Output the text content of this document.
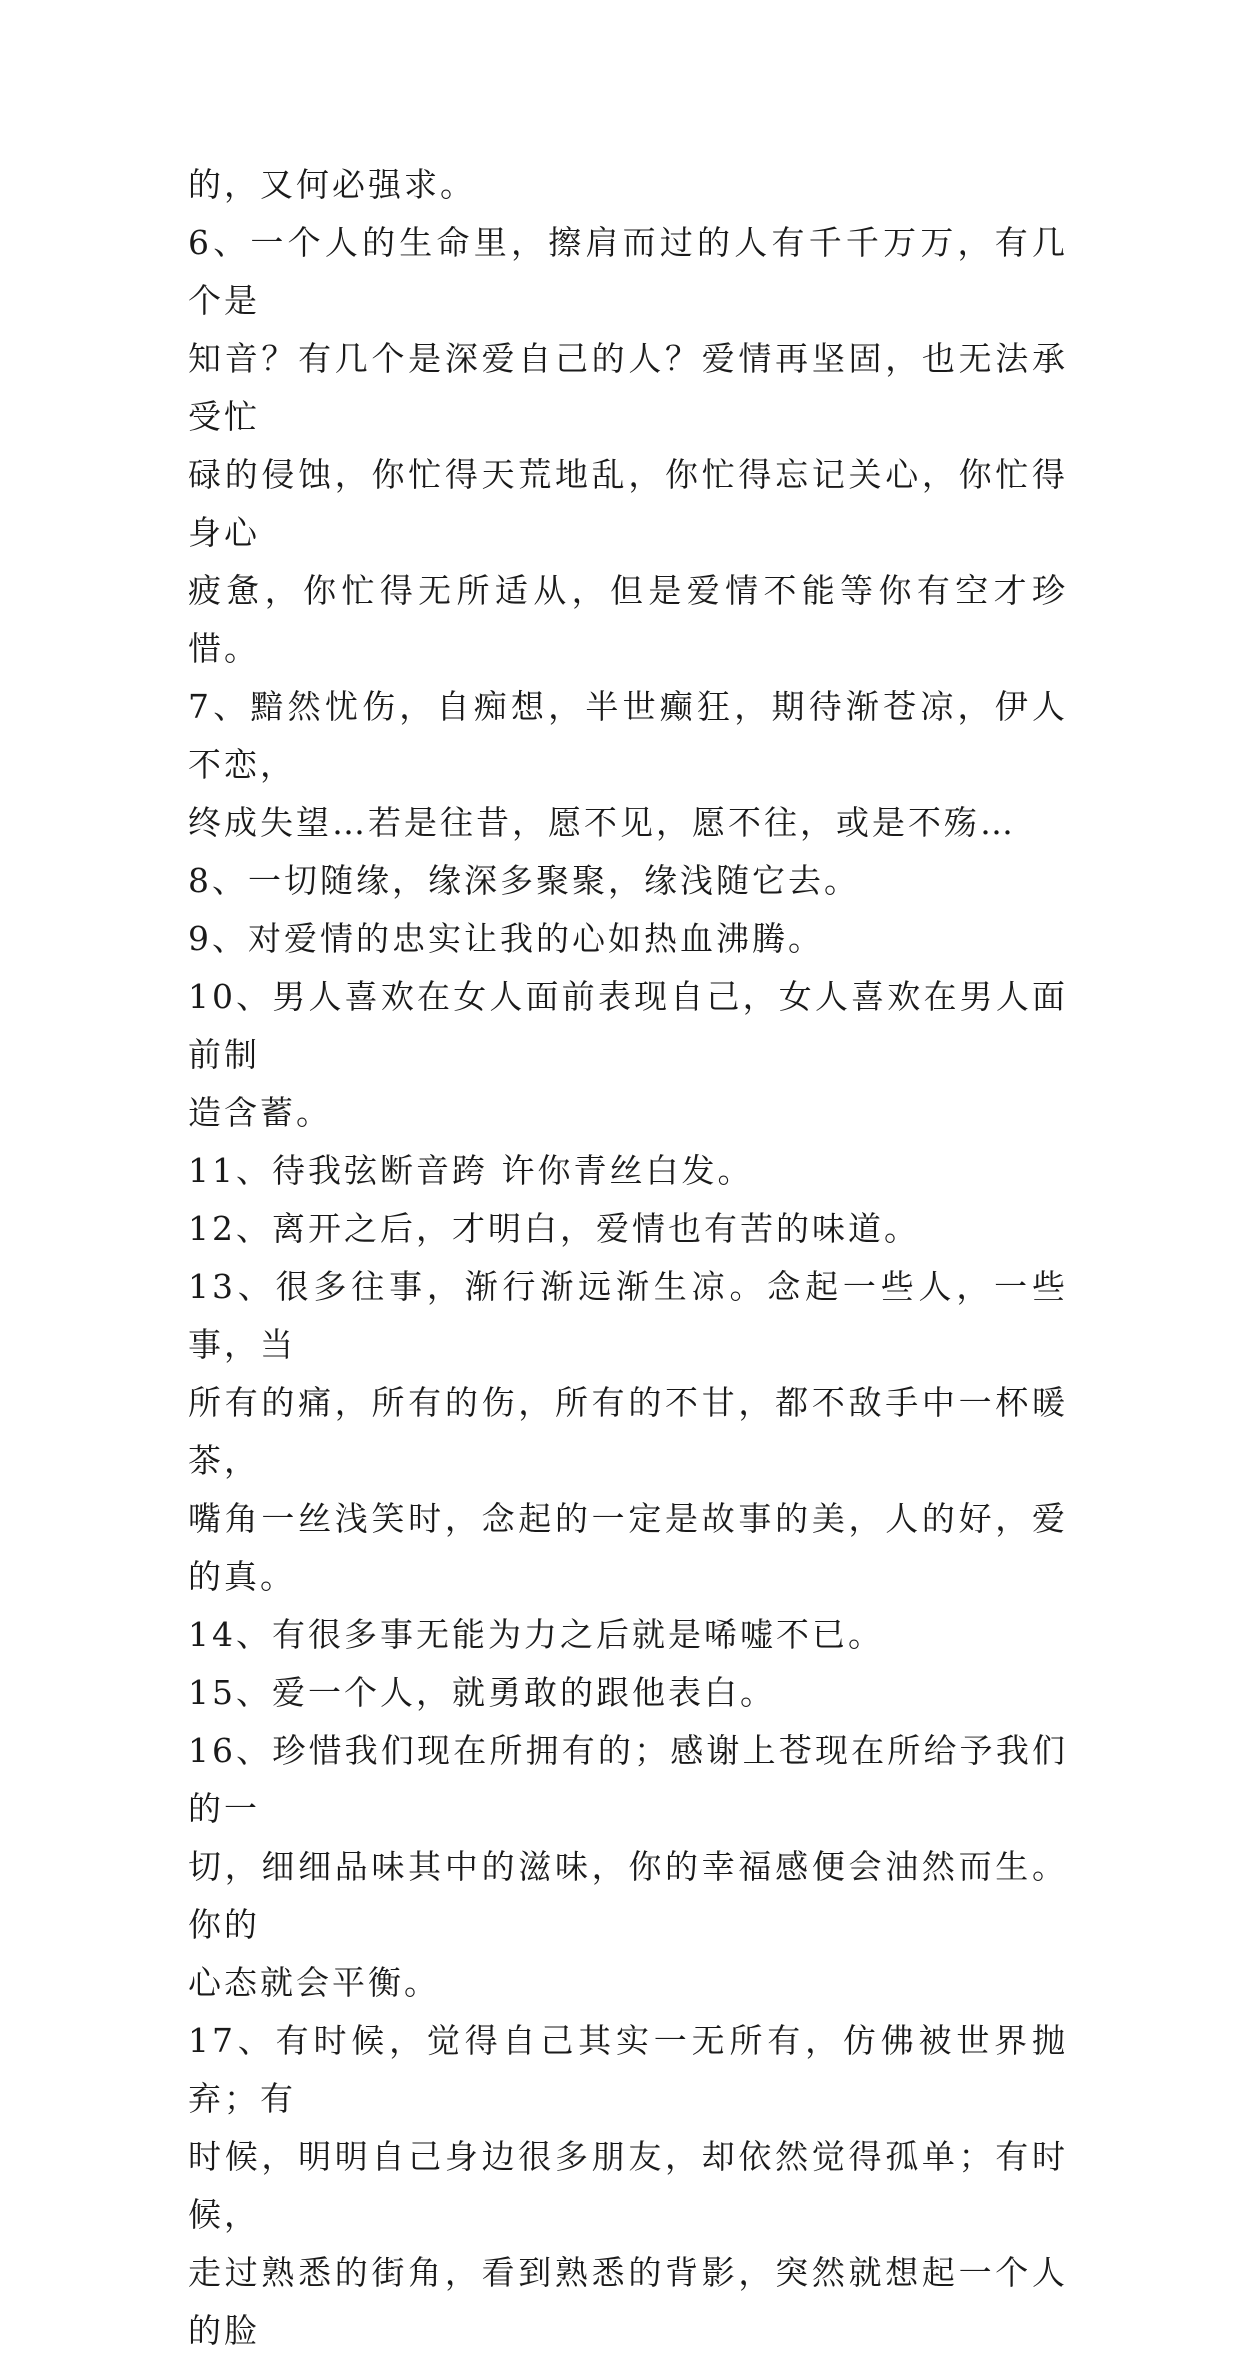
的，又何必强求。

6、一个人的生命里，擦肩而过的人有千千万万，有几个是

知音？有几个是深爱自己的人？爱情再坚固，也无法承受忙

碌的侵蚀，你忙得天荒地乱，你忙得忘记关心，你忙得身心

疲惫，你忙得无所适从，但是爱情不能等你有空才珍惜。

7、黯然忧伤，自痴想，半世癫狂，期待渐苍凉，伊人不恋，

终成失望…若是往昔，愿不见，愿不往，或是不殇…

8、一切随缘，缘深多聚聚，缘浅随它去。

9、对爱情的忠实让我的心如热血沸腾。

10、男人喜欢在女人面前表现自己，女人喜欢在男人面前制

造含蓄。

11、待我弦断音跨 许你青丝白发。

12、离开之后，才明白，爱情也有苦的味道。

13、很多往事，渐行渐远渐生凉。念起一些人，一些事，当

所有的痛，所有的伤，所有的不甘，都不敌手中一杯暖茶，

嘴角一丝浅笑时，念起的一定是故事的美，人的好，爱的真。

14、有很多事无能为力之后就是唏嘘不已。

15、爱一个人，就勇敢的跟他表白。

16、珍惜我们现在所拥有的；感谢上苍现在所给予我们的一

切，细细品味其中的滋味，你的幸福感便会油然而生。你的

心态就会平衡。

17、有时候，觉得自己其实一无所有，仿佛被世界抛弃；有

时候，明明自己身边很多朋友，却依然觉得孤单；有时候，

走过熟悉的街角，看到熟悉的背影，突然就想起一个人的脸
